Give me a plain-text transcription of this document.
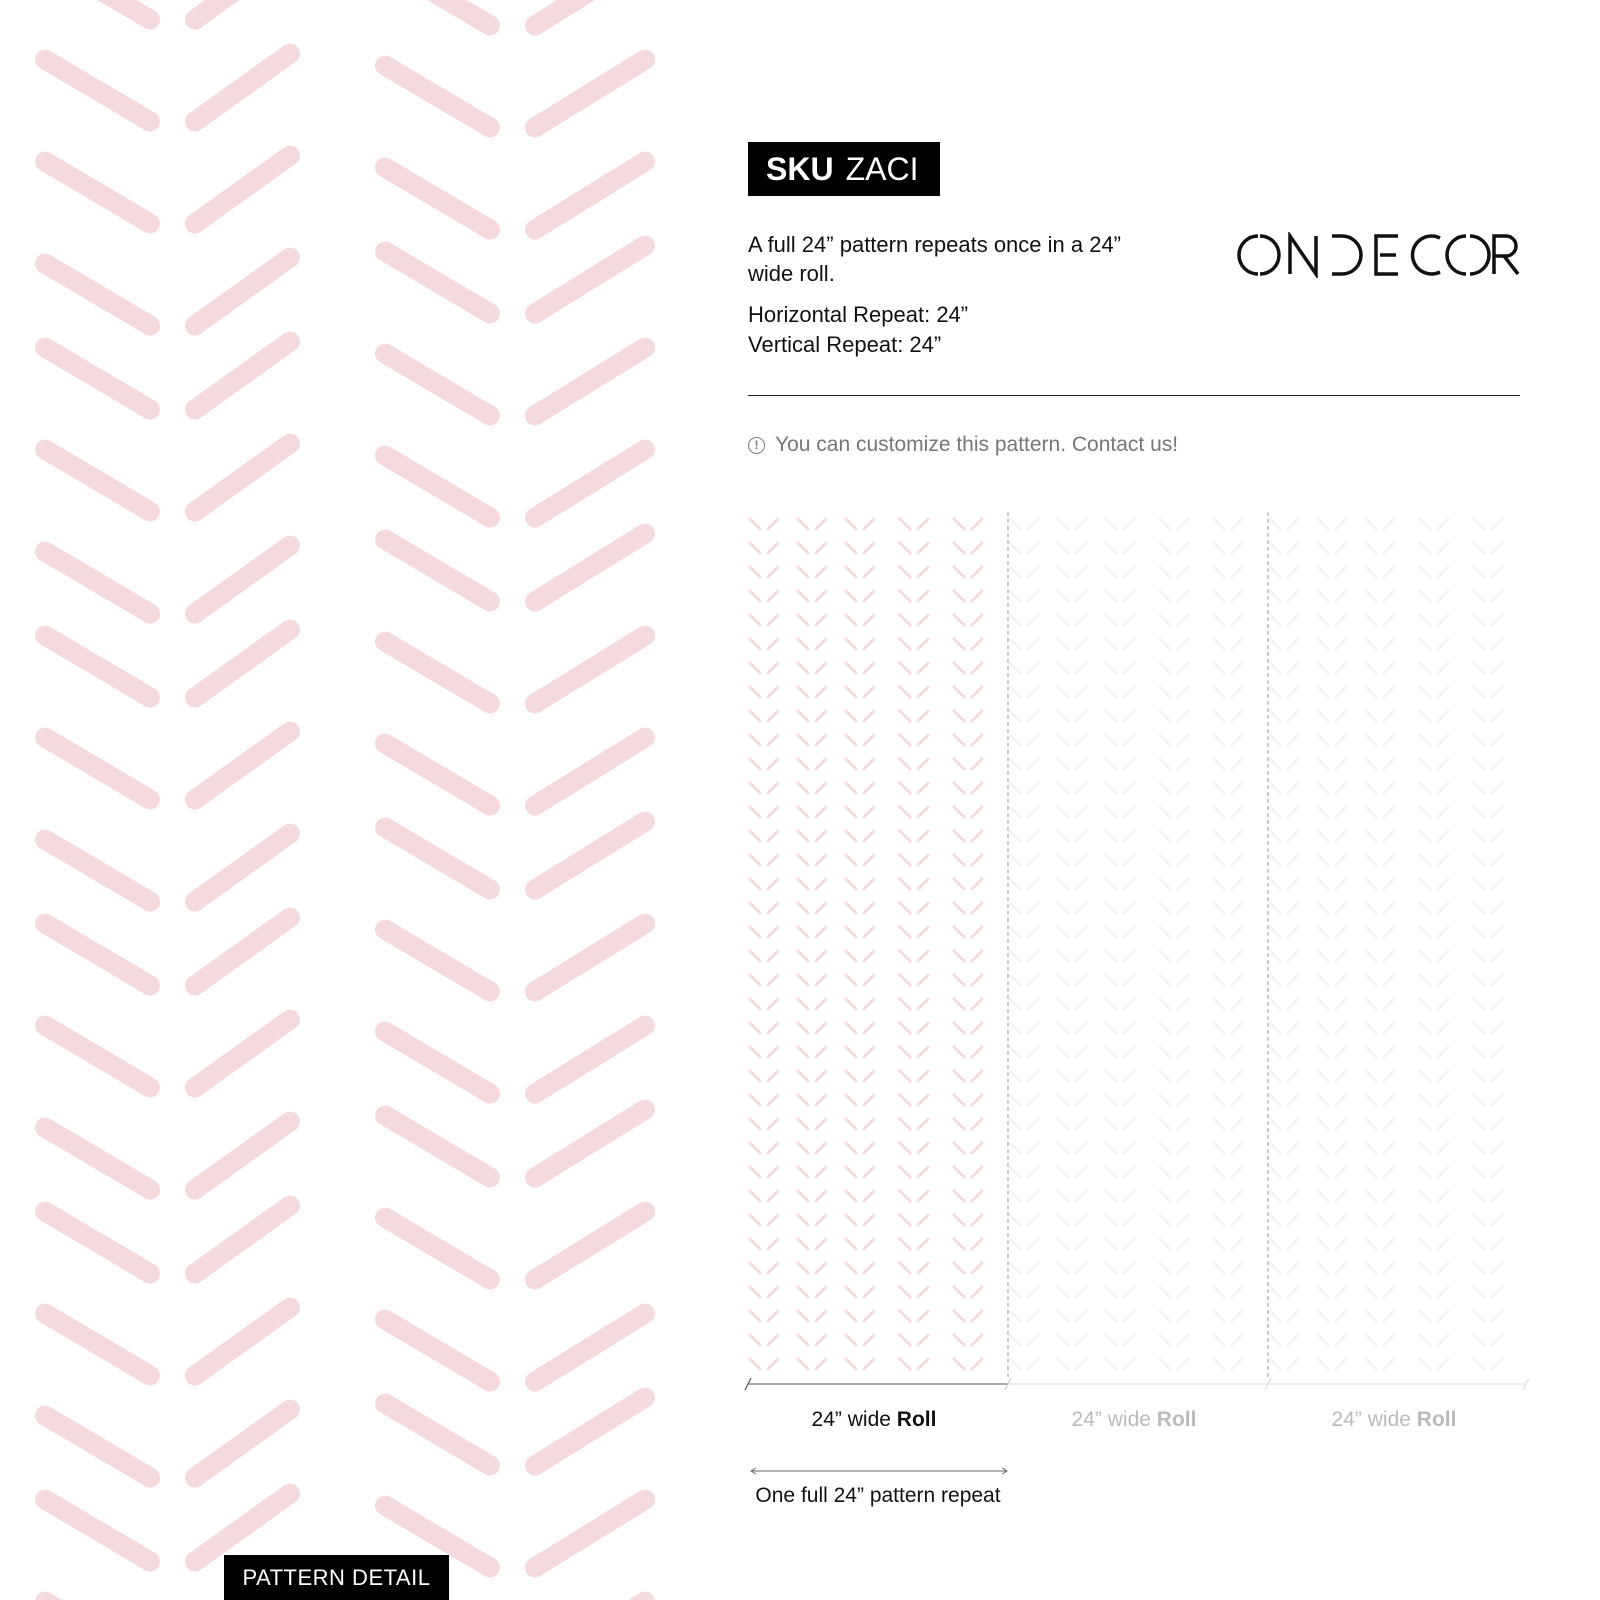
PATTERN DETAIL
SKU ZACI
A full 24” pattern repeats once in a 24” wide roll.
Horizontal Repeat: 24”
Vertical Repeat: 24”
! You can customize this pattern. Contact us!
24” wide Roll	24” wide Roll	24” wide Roll
One full 24” pattern repeat
